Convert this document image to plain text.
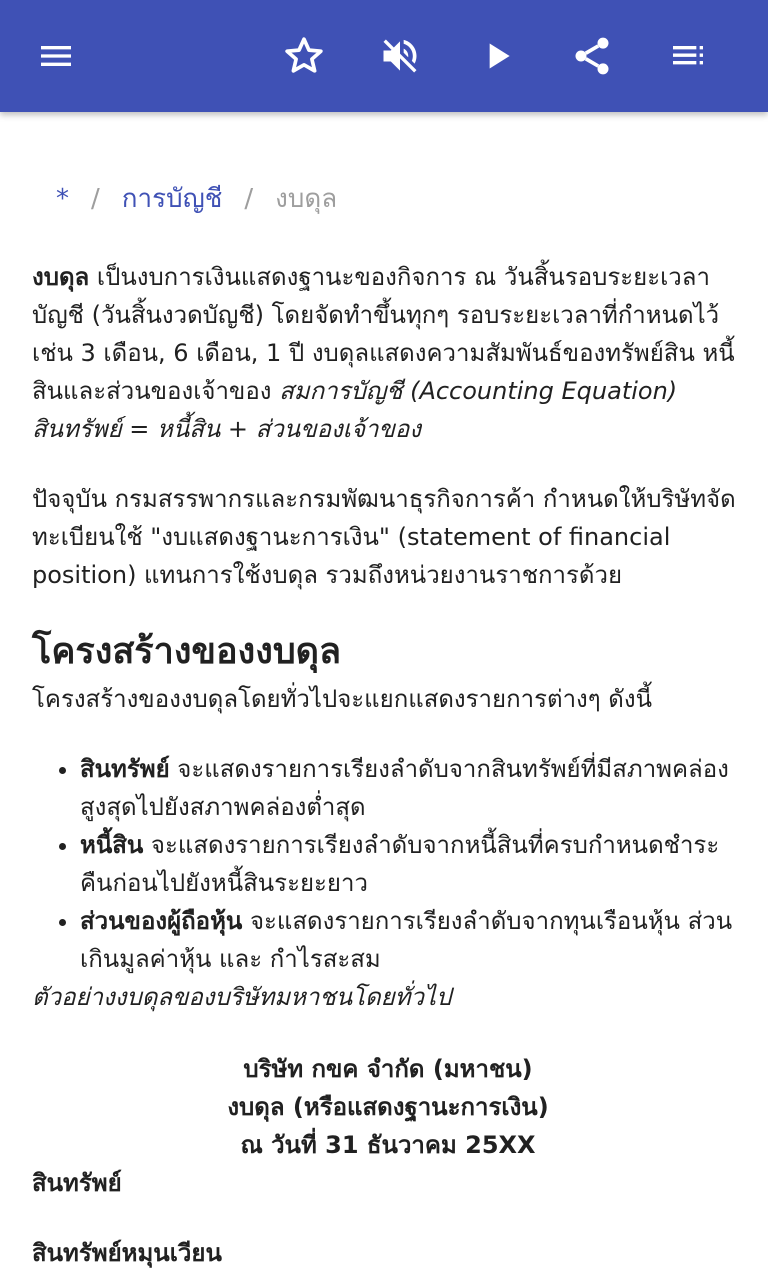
* / การบัญชี / งบดุล

งบดุล เป็นงบการเงินแสดงฐานะของกิจการ ณ วันสิ้นรอบระยะเวลาบัญชี (วันสิ้นงวดบัญชี) โดยจัดทำขึ้นทุกๆ รอบระยะเวลาที่กำหนดไว้ เช่น 3 เดือน, 6 เดือน, 1 ปี งบดุลแสดงความสัมพันธ์ของทรัพย์สิน หนี้สินและส่วนของเจ้าของ สมการบัญชี (Accounting Equation) สินทรัพย์ = หนี้สิน + ส่วนของเจ้าของ

ปัจจุบัน กรมสรรพากรและกรมพัฒนาธุรกิจการค้า กำหนดให้บริษัทจัดทะเบียนใช้ "งบแสดงฐานะการเงิน" (statement of financial position) แทนการใช้งบดุล รวมถึงหน่วยงานราชการด้วย

โครงสร้างของงบดุล

โครงสร้างของงบดุลโดยทั่วไปจะแยกแสดงรายการต่างๆ ดังนี้

• สินทรัพย์ จะแสดงรายการเรียงลำดับจากสินทรัพย์ที่มีสภาพคล่องสูงสุดไปยังสภาพคล่องต่ำสุด
• หนี้สิน จะแสดงรายการเรียงลำดับจากหนี้สินที่ครบกำหนดชำระคืนก่อนไปยังหนี้สินระยะยาว
• ส่วนของผู้ถือหุ้น จะแสดงรายการเรียงลำดับจากทุนเรือนหุ้น ส่วนเกินมูลค่าหุ้น และ กำไรสะสม

ตัวอย่างงบดุลของบริษัทมหาชนโดยทั่วไป

บริษัท กขค จำกัด (มหาชน)
งบดุล (หรือแสดงฐานะการเงิน)
ณ วันที่ 31 ธันวาคม 25XX

สินทรัพย์

สินทรัพย์หมุนเวียน
